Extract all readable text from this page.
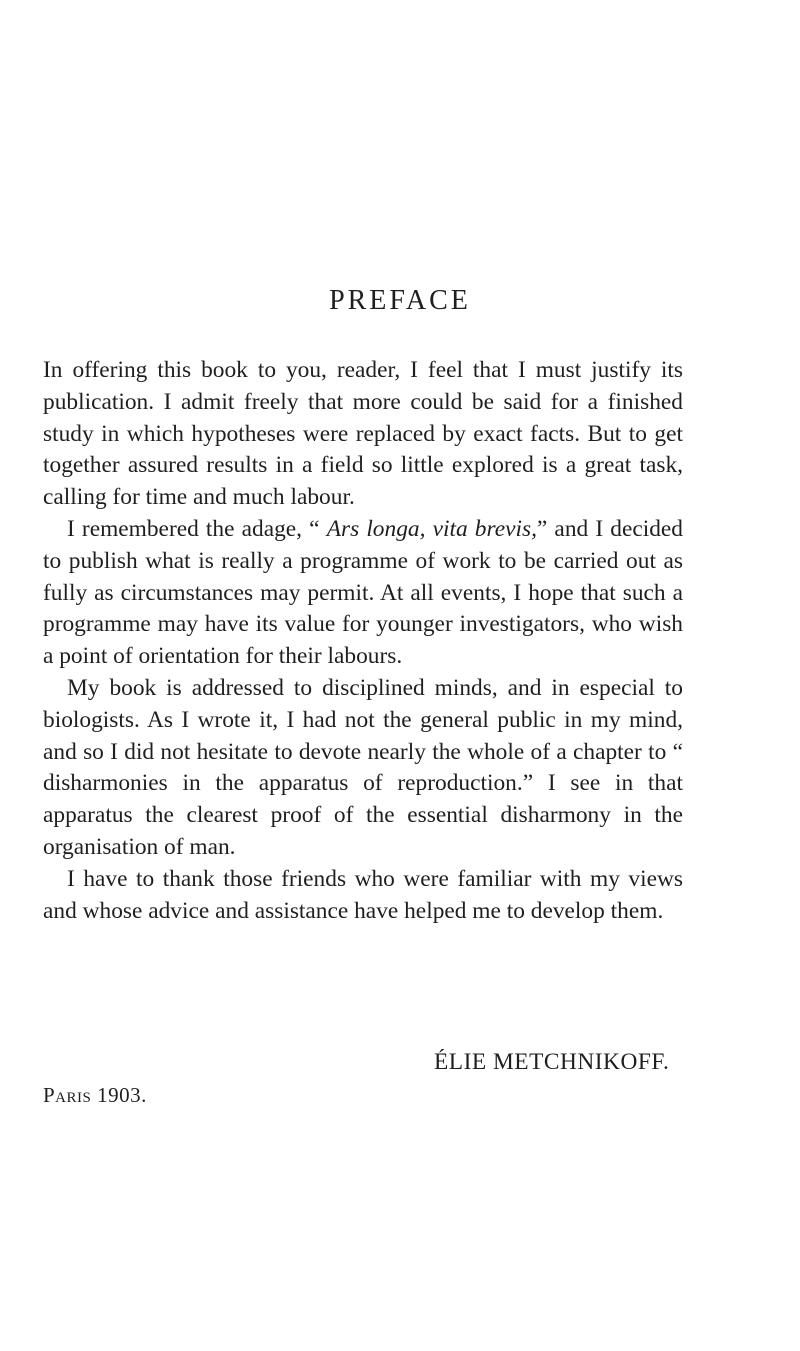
PREFACE

In offering this book to you, reader, I feel that I must justify its publication. I admit freely that more could be said for a finished study in which hypotheses were replaced by exact facts. But to get together assured results in a field so little explored is a great task, calling for time and much labour.

I remembered the adage, “ Ars longa, vita brevis,” and I decided to publish what is really a programme of work to be carried out as fully as circumstances may permit. At all events, I hope that such a programme may have its value for younger investigators, who wish a point of orientation for their labours.

My book is addressed to disciplined minds, and in especial to biologists. As I wrote it, I had not the general public in my mind, and so I did not hesitate to devote nearly the whole of a chapter to “ disharmonies in the apparatus of reproduction.” I see in that apparatus the clearest proof of the essential disharmony in the organisation of man.

I have to thank those friends who were familiar with my views and whose advice and assistance have helped me to develop them.

ÉLIE METCHNIKOFF.
Paris 1903.
